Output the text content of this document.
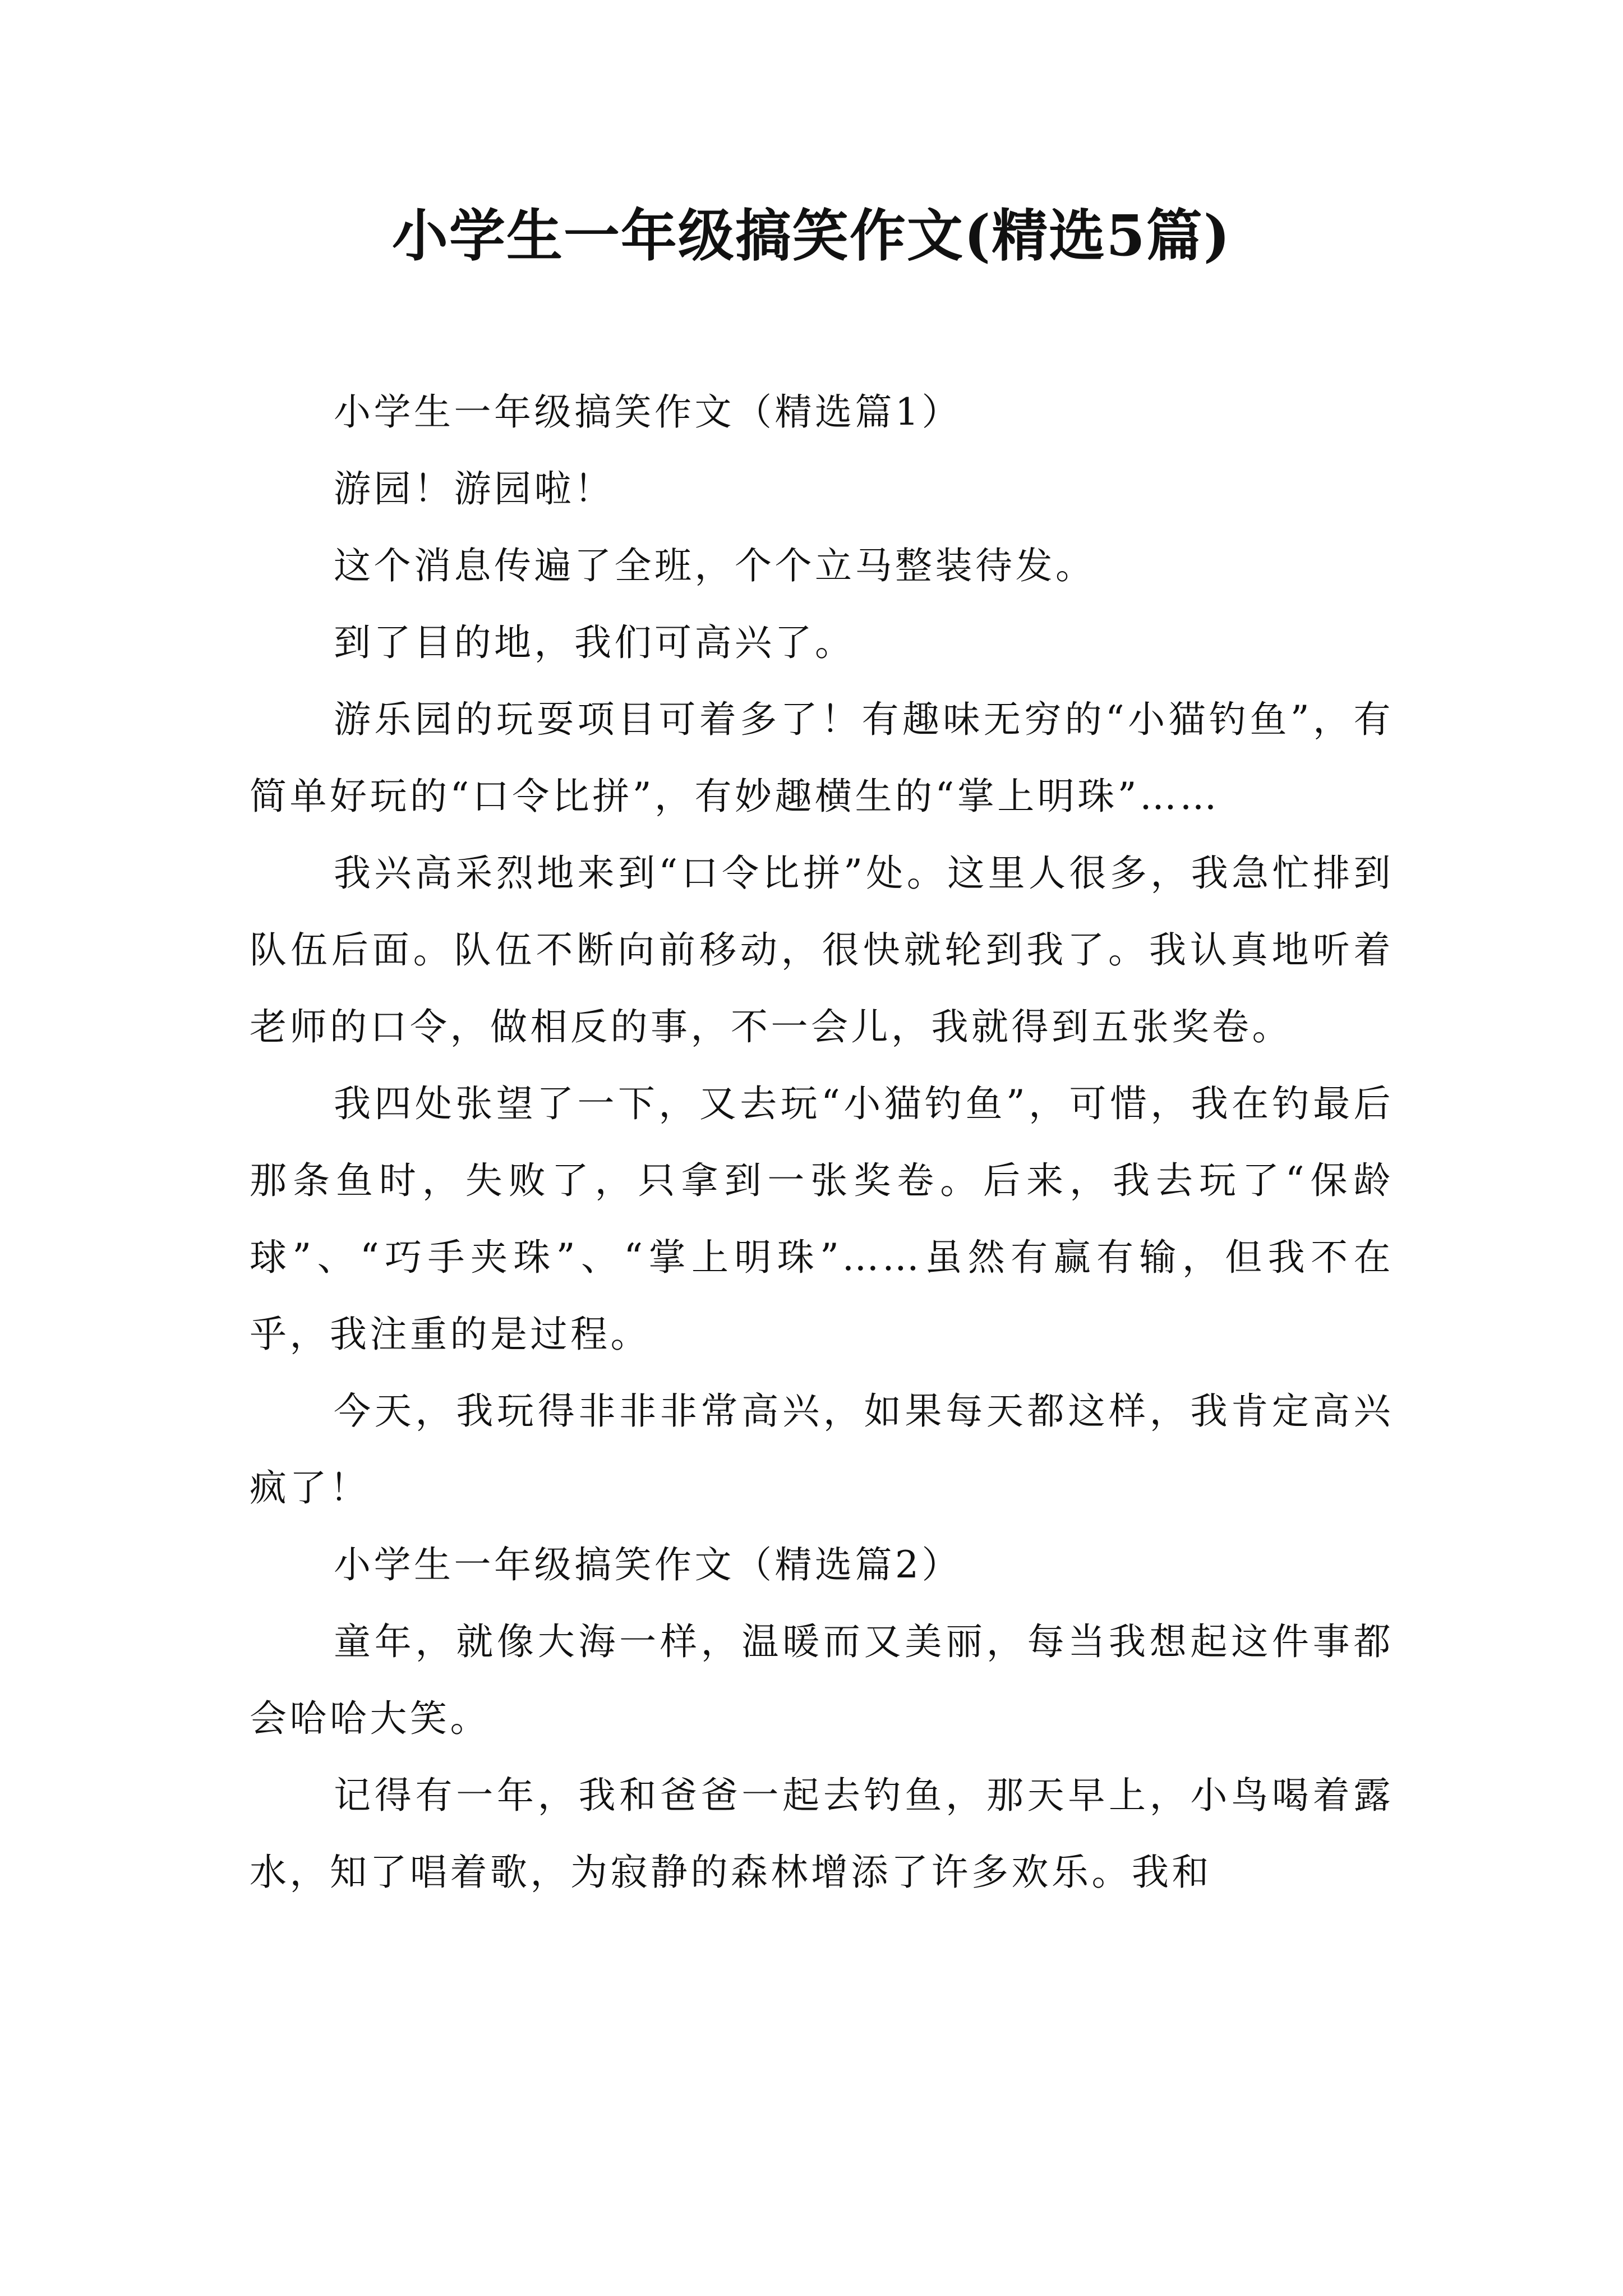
小学生一年级搞笑作文(精选5篇)

小学生一年级搞笑作文（精选篇1）

游园！游园啦！

这个消息传遍了全班，个个立马整装待发。

到了目的地，我们可高兴了。

游乐园的玩耍项目可着多了！有趣味无穷的“小猫钓鱼”，有简单好玩的“口令比拼”，有妙趣横生的“掌上明珠”……

我兴高采烈地来到“口令比拼”处。这里人很多，我急忙排到队伍后面。队伍不断向前移动，很快就轮到我了。我认真地听着老师的口令，做相反的事，不一会儿，我就得到五张奖卷。

我四处张望了一下，又去玩“小猫钓鱼”，可惜，我在钓最后那条鱼时，失败了，只拿到一张奖卷。后来，我去玩了“保龄球”、“巧手夹珠”、“掌上明珠”……虽然有赢有输，但我不在乎，我注重的是过程。

今天，我玩得非非非常高兴，如果每天都这样，我肯定高兴疯了！

小学生一年级搞笑作文（精选篇2）

童年，就像大海一样，温暖而又美丽，每当我想起这件事都会哈哈大笑。

记得有一年，我和爸爸一起去钓鱼，那天早上，小鸟喝着露水，知了唱着歌，为寂静的森林增添了许多欢乐。我和
